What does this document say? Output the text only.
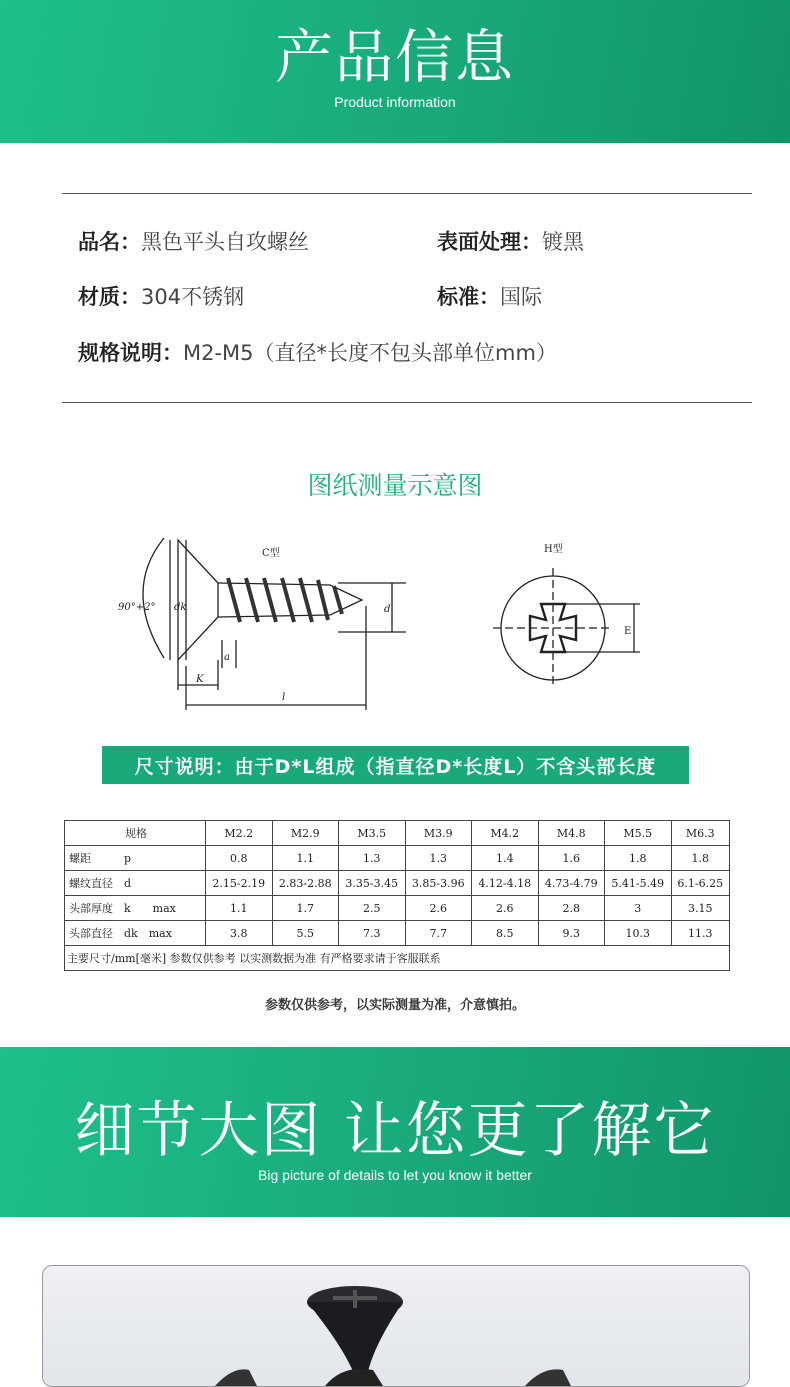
产品信息
Product information
品名：黑色平头自攻螺丝	表面处理：镀黑
材质：304不锈钢	标准：国际
规格说明：M2-M5（直径*长度不包头部单位mm）
图纸测量示意图
90°+2°
C型
dk	d
a
K
l
H型
E
尺寸说明：由于D*L组成（指直径D*长度L）不含头部长度
规格	M2.2	M2.9	M3.5	M3.9	M4.2	M4.8	M5.5	M6.3
螺距　　　p	0.8	1.1	1.3	1.3	1.4	1.6	1.8	1.8
螺纹直径　d	2.15-2.19	2.83-2.88	3.35-3.45	3.85-3.96	4.12-4.18	4.73-4.79	5.41-5.49	6.1-6.25
头部厚度　k　　max	1.1	1.7	2.5	2.6	2.6	2.8	3	3.15
头部直径　dk　max	3.8	5.5	7.3	7.7	8.5	9.3	10.3	11.3
主要尺寸/mm[毫米] 参数仅供参考 以实测数据为准 有严格要求请于客服联系								
参数仅供参考，以实际测量为准，介意慎拍。
细节大图 让您更了解它
Big picture of details to let you know it better
